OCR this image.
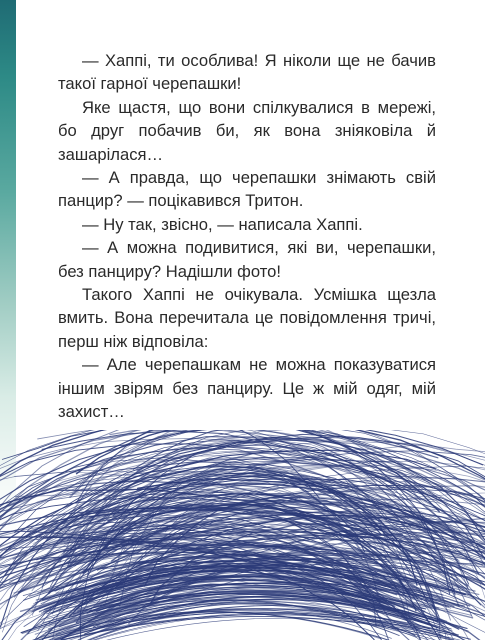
— Хаппі, ти особлива! Я ніколи ще не бачив такої гарної черепашки!

Яке щастя, що вони спілкувалися в мережі, бо друг побачив би, як вона зніяковіла й зашарілася…

— А правда, що черепашки знімають свій панцир? — поцікавився Тритон.

— Ну так, звісно, — написала Хаппі.

— А можна подивитися, які ви, черепашки, без панциру? Надішли фото!

Такого Хаппі не очікувала. Усмішка щезла вмить. Вона перечитала це повідомлення тричі, перш ніж відповіла:

— Але черепашкам не можна показуватися іншим звірям без панциру. Це ж мій одяг, мій захист…
